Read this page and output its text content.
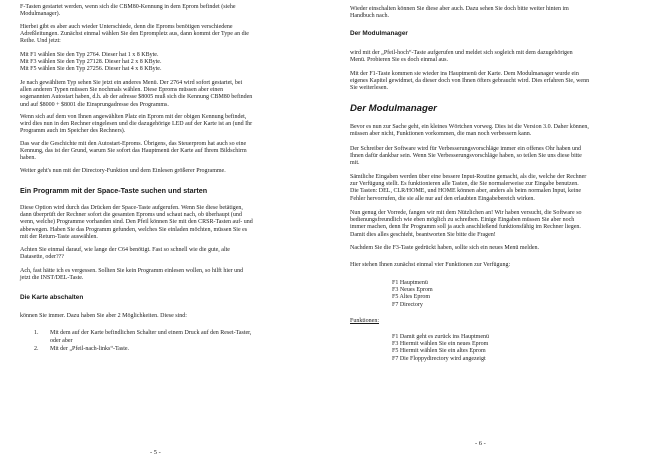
F-Tasten gestartet werden, wenn sich die CBM80-Kennung in dem Eprom befindet (siehe
Modulmanager).
Hierbei gibt es aber auch wieder Unterschiede, denn die Eproms benötigen verschiedene
Adreßleitungen. Zunächst einmal wählen Sie den Eprompletz aus, dann kommt der Type an die
Reihe. Und jetzt:
Mit F1 wählen Sie den Typ 2764. Dieser hat 1 x 8 KByte.
Mit F3 wählen Sie den Typ 27128. Dieser hat 2 x 8 KByte.
Mit F5 wählen Sie den Typ 27256. Dieser hat 4 x 8 KByte.
Je nach gewähltem Typ sehen Sie jetzt ein anderes Menü. Der 2764 wird sofort gestartet, bei
allen anderen Typen müssen Sie nochmals wählen. Diese Eproms müssen aber einen
sogenannten Autostart haben, d.h. ab der adresse $8005 muß sich die Kennung CBM80 befinden
und auf $8000 + $8001 die Einsprungadresse des Programms.
Wenn sich auf dem von Ihnen angewählten Platz ein Eprom mit der obigen Kennung befindet,
wird dies nun in den Rechner eingelesen und die dazugehörige LED auf der Karte ist an (und Ihr
Programm auch im Speicher des Rechners).
Das war die Geschichte mit den Autostart-Eproms. Übrigens, das Steuerprom hat auch so eine
Kennung, das ist der Grund, warum Sie sofort das Hauptmenü der Karte auf Ihrem Bildschirm
haben.
Weiter geht's nun mit der Directory-Funktion und dem Einlesen größerer Programme.
Ein Programm mit der Space-Taste suchen und starten
Diese Option wird durch das Drücken der Space-Taste aufgerufen. Wenn Sie diese betätigen,
dann überprüft der Rechner sofort die gesamten Eproms und schaut nach, ob überhaupt (und
wenn, welche) Programme vorhanden sind. Den Pfeil können Sie mit den CRSR-Tasten auf- und
abbewegen. Haben Sie das Programm gefunden, welches Sie einladen möchten, müssen Sie es
mit der Return-Taste auswählen.
Achten Sie einmal darauf, wie lange der C64 benötigt. Fast so schnell wie die gute, alte
Datasette, oder???
Ach, fast hätte ich es vergessen. Sollten Sie kein Programm einlesen wollen, so hilft hier und
jetzt die INST/DEL-Taste.
Die Karte abschalten
können Sie immer. Dazu haben Sie aber 2 Möglichkeiten. Diese sind:
1. Mit dem auf der Karte befindlichen Schalter und einem Druck auf den Reset-Taster,
oder aber
2. Mit der „Pfeil-nach-links“-Taste.
Wieder einschalten können Sie diese aber auch. Dazu sehen Sie doch bitte weiter hinten im
Handbuch nach.
Der Modulmanager
wird mit der „Pfeil-hoch“-Taste aufgerufen und meldet sich sogleich mit dem dazugehörigen
Menü. Probieren Sie es doch einmal aus.
Mit der F1-Taste kommen sie wieder ins Hauptmenü der Karte. Dem Modulmanager wurde ein
eigenes Kapitel gewidmet, da dieser doch von Ihnen öfters gebraucht wird. Dies erfahren Sie, wenn
Sie weiterlesen.
Der Modulmanager
Bevor es nun zur Sache geht, ein kleines Wörtchen vorweg. Dies ist die Version 3.0. Daher können,
müssen aber nicht, Funktionen vorkommen, die man noch verbessern kann.
Der Schreiber der Software wird für Verbesserungsvorschläge immer ein offenes Ohr haben und
Ihnen dafür dankbar sein. Wenn Sie Verbesserungsvorschläge haben, so teilen Sie uns diese bitte
mit.
Sämtliche Eingaben werden über eine bessere Input-Routine gemacht, als die, welche der Rechner
zur Verfügung stellt. Es funktionieren alle Tasten, die Sie normalerweise zur Eingabe benutzen.
Die Tasten: DEL, CLR/HOME, und HOME können aber, anders als beim normalen Input, keine
Fehler hervorrufen, die sie alle nur auf den erlaubten Eingabebereich wirken.
Nun genug der Vorrede, fangen wir mit dem Nützlichen an! Wir haben versucht, die Software so
bedienungsfreundlich wie eben möglich zu schreiben. Einige Eingaben müssen Sie aber noch
immer machen, denn Ihr Programm soll ja auch anschließend funktionsfähig im Rechner liegen.
Damit dies alles geschieht, beantworten Sie bitte die Fragen!
Nachdem Sie die F3-Taste gedrückt haben, sollte sich ein neues Menü melden.
Hier stehen Ihnen zunächst einmal vier Funktionen zur Verfügung:
F1 Hauptmenü
F3 Neues Eprom
F5 Altes Eprom
F7 Directory
Funktionen:
F1 Damit geht es zurück ins Hauptmenü
F3 Hiermit wählen Sie ein neues Eprom
F5 Hiermit wählen Sie ein altes Eprom
F7 Die Floppydirectory wird angezeigt
- 5 -
- 6 -
